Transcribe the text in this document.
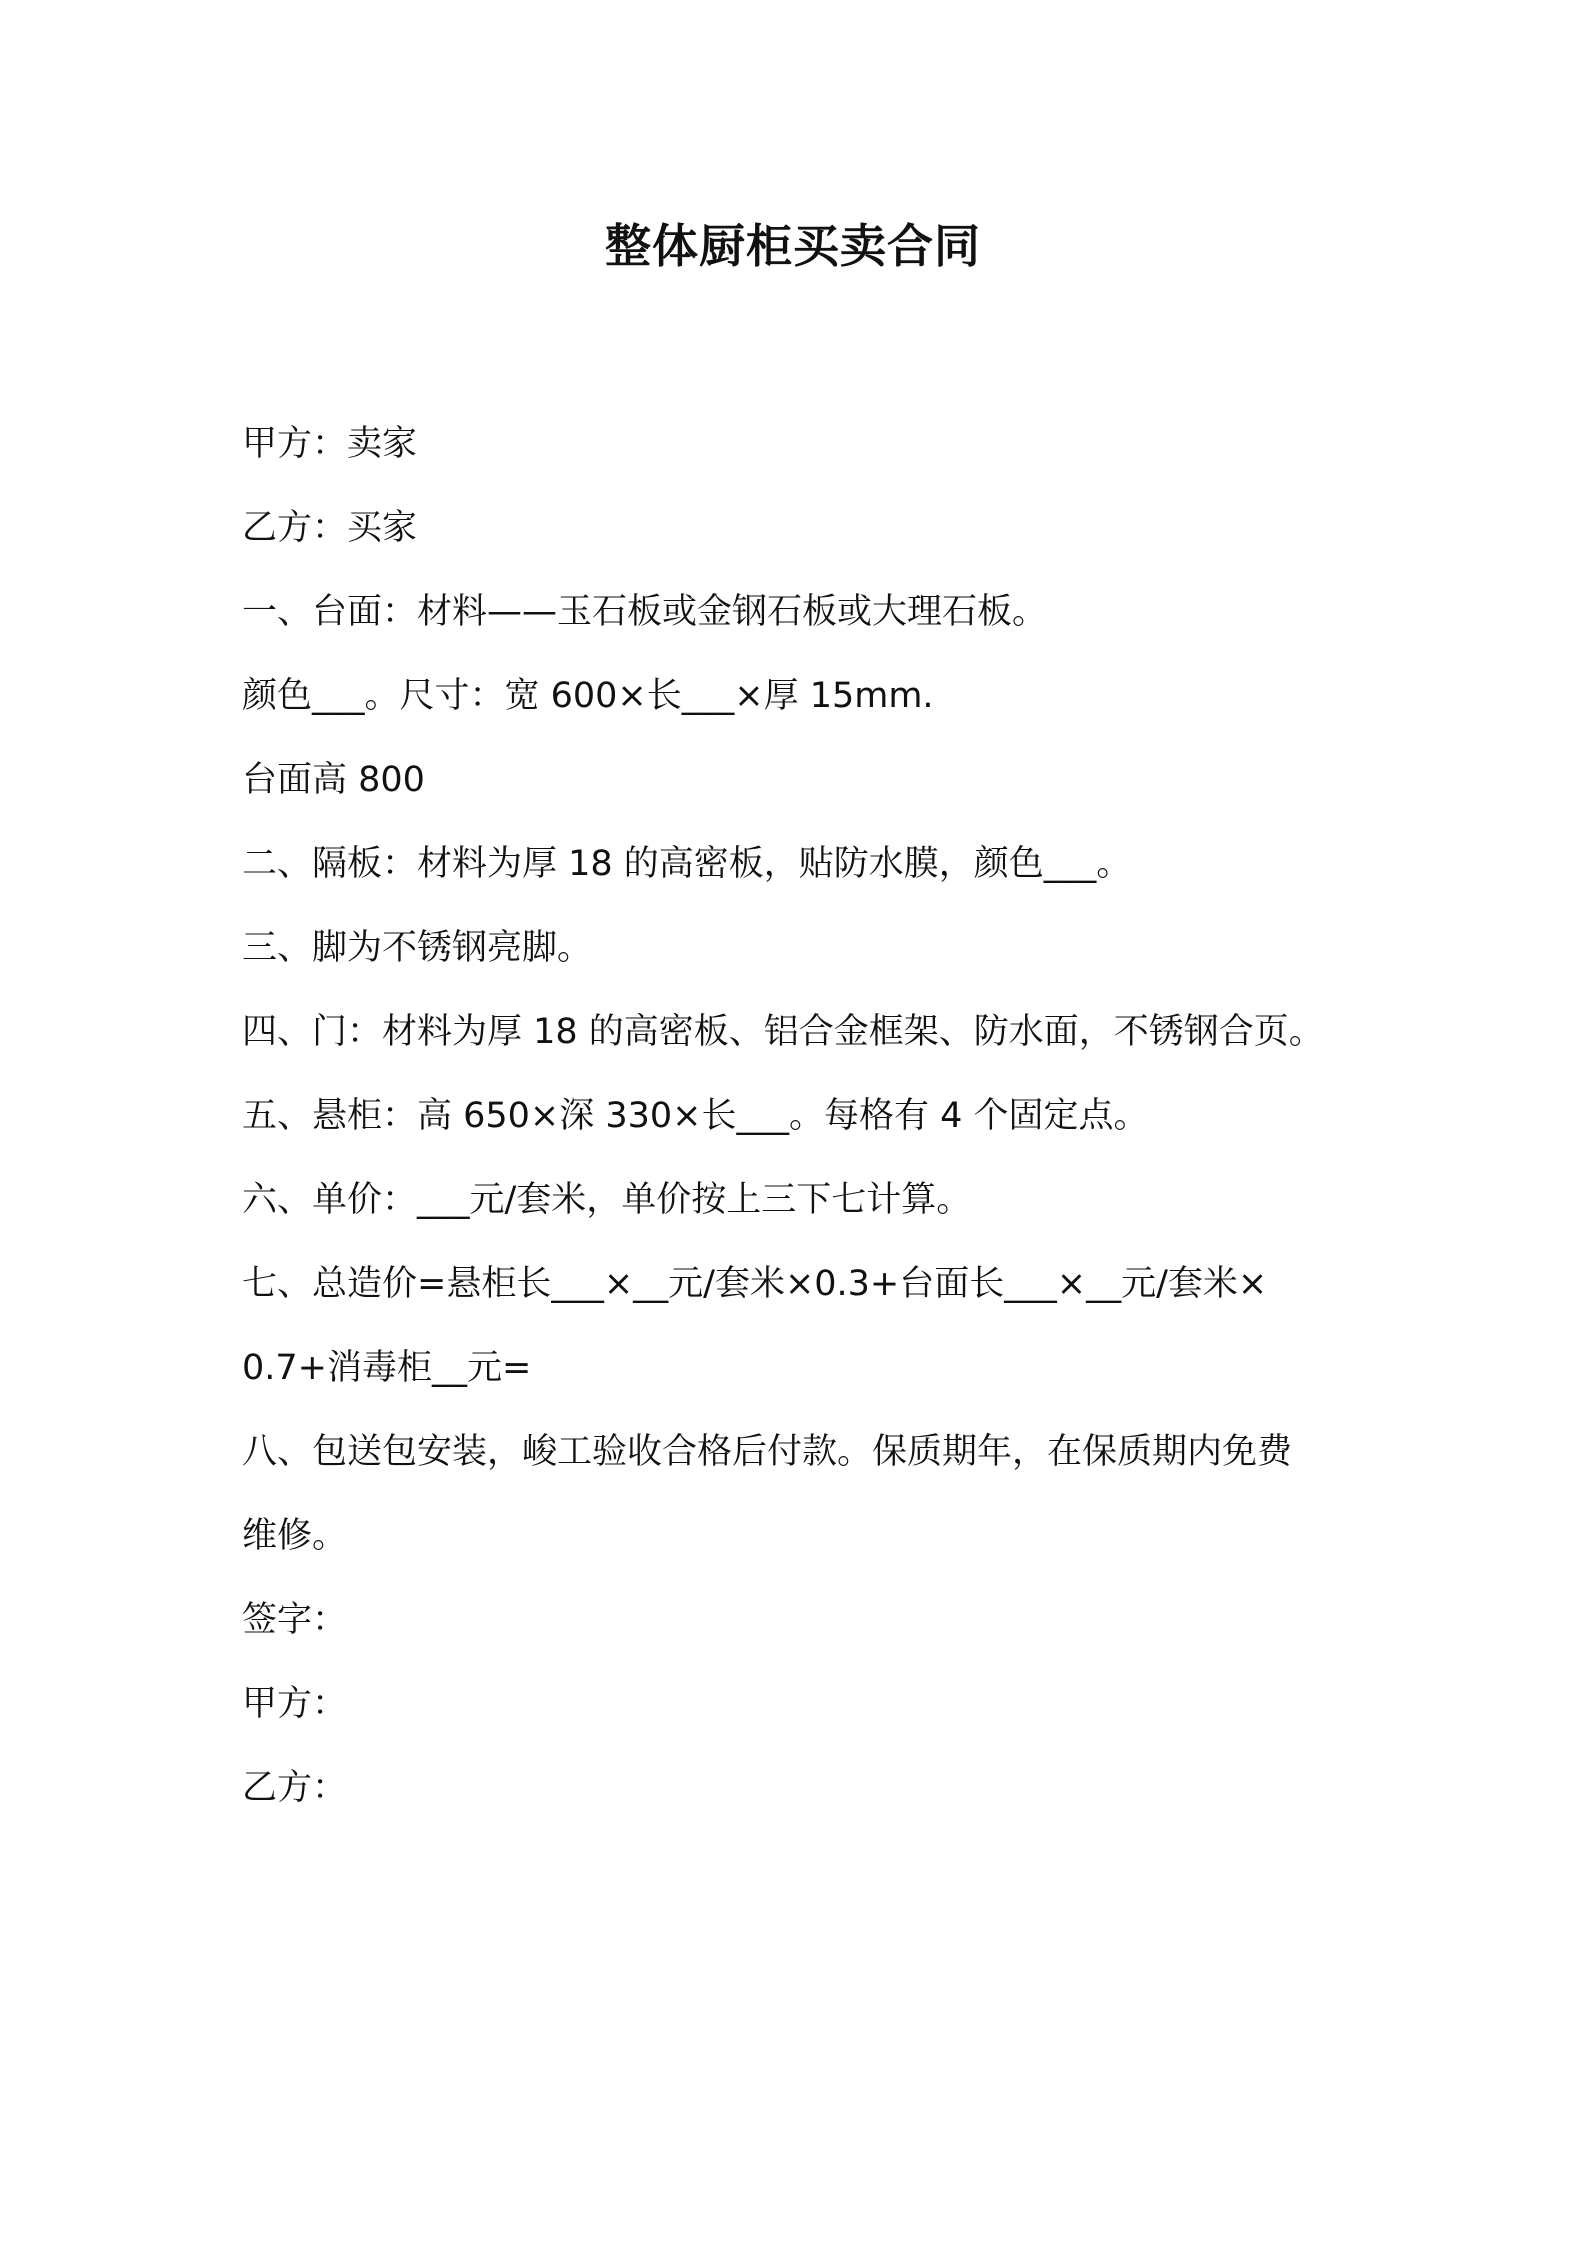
整体厨柜买卖合同
甲方：卖家
乙方：买家
一、台面：材料——玉石板或金钢石板或大理石板。
颜色___。尺寸：宽 600×长___×厚 15mm.
台面高 800
二、隔板：材料为厚 18 的高密板，贴防水膜，颜色___。
三、脚为不锈钢亮脚。
四、门：材料为厚 18 的高密板、铝合金框架、防水面，不锈钢合页。
五、悬柜：高 650×深 330×长___。每格有 4 个固定点。
六、单价：___元/套米，单价按上三下七计算。
七、总造价=悬柜长___×__元/套米×0.3+台面长___×__元/套米×
0.7+消毒柜__元=
八、包送包安装，峻工验收合格后付款。保质期年，在保质期内免费
维修。
签字：
甲方：
乙方：
